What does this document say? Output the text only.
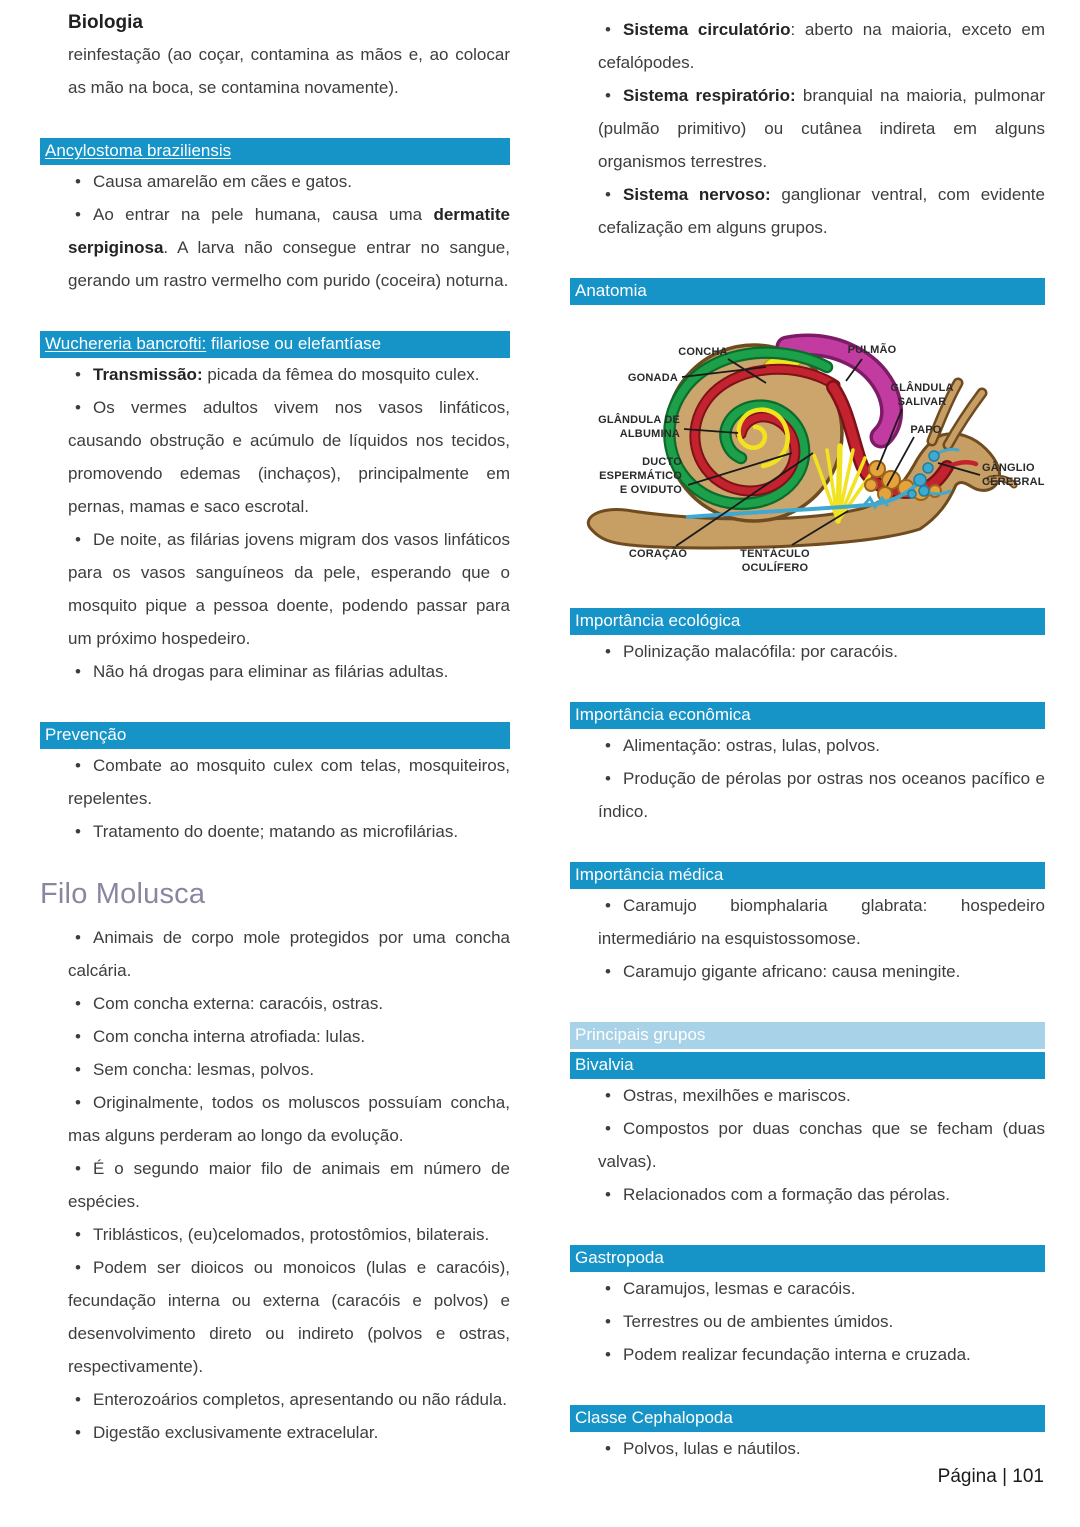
Biologia

reinfestação (ao coçar, contamina as mãos e, ao colocar as mão na boca, se contamina novamente).

Ancylostoma braziliensis

• Causa amarelão em cães e gatos.

• Ao entrar na pele humana, causa uma dermatite serpiginosa. A larva não consegue entrar no sangue, gerando um rastro vermelho com purido (coceira) noturna.

Wuchereria bancrofti: filariose ou elefantíase

• Transmissão: picada da fêmea do mosquito culex.

• Os vermes adultos vivem nos vasos linfáticos, causando obstrução e acúmulo de líquidos nos tecidos, promovendo edemas (inchaços), principalmente em pernas, mamas e saco escrotal.

• De noite, as filárias jovens migram dos vasos linfáticos para os vasos sanguíneos da pele, esperando que o mosquito pique a pessoa doente, podendo passar para um próximo hospedeiro.

• Não há drogas para eliminar as filárias adultas.

Prevenção

• Combate ao mosquito culex com telas, mosquiteiros, repelentes.

• Tratamento do doente; matando as microfilárias.

Filo Molusca

• Animais de corpo mole protegidos por uma concha calcária.

• Com concha externa: caracóis, ostras.

• Com concha interna atrofiada: lulas.

• Sem concha: lesmas, polvos.

• Originalmente, todos os moluscos possuíam concha, mas alguns perderam ao longo da evolução.

• É o segundo maior filo de animais em número de espécies.

• Triblásticos, (eu)celomados, protostômios, bilaterais.

• Podem ser dioicos ou monoicos (lulas e caracóis), fecundação interna ou externa (caracóis e polvos) e desenvolvimento direto ou indireto (polvos e ostras, respectivamente).

• Enterozoários completos, apresentando ou não rádula.

• Digestão exclusivamente extracelular.

• Sistema circulatório: aberto na maioria, exceto em cefalópodes.

• Sistema respiratório: branquial na maioria, pulmonar (pulmão primitivo) ou cutânea indireta em alguns organismos terrestres.

• Sistema nervoso: ganglionar ventral, com evidente cefalização em alguns grupos.

Anatomia
CONCHA
GONADA
PULMÃO
GLÂNDULA
SALIVAR
PAPO
GLÂNDULA DE
ALBUMINA
DUCTO
ESPERMÁTICO
E OVIDUTO
GÂNGLIO
CÉREBRAL
CORAÇÃO	TENTÁCULO
OCULÍFERO
Importância ecológica

• Polinização malacófila: por caracóis.

Importância econômica

• Alimentação: ostras, lulas, polvos.

• Produção de pérolas por ostras nos oceanos pacífico e índico.

Importância médica

• Caramujo biomphalaria glabrata: hospedeiro intermediário na esquistossomose.

• Caramujo gigante africano: causa meningite.

Principais grupos
Bivalvia

• Ostras, mexilhões e mariscos.

• Compostos por duas conchas que se fecham (duas valvas).

• Relacionados com a formação das pérolas.

Gastropoda

• Caramujos, lesmas e caracóis.

• Terrestres ou de ambientes úmidos.

• Podem realizar fecundação interna e cruzada.

Classe Cephalopoda

• Polvos, lulas e náutilos.

Página | 101
